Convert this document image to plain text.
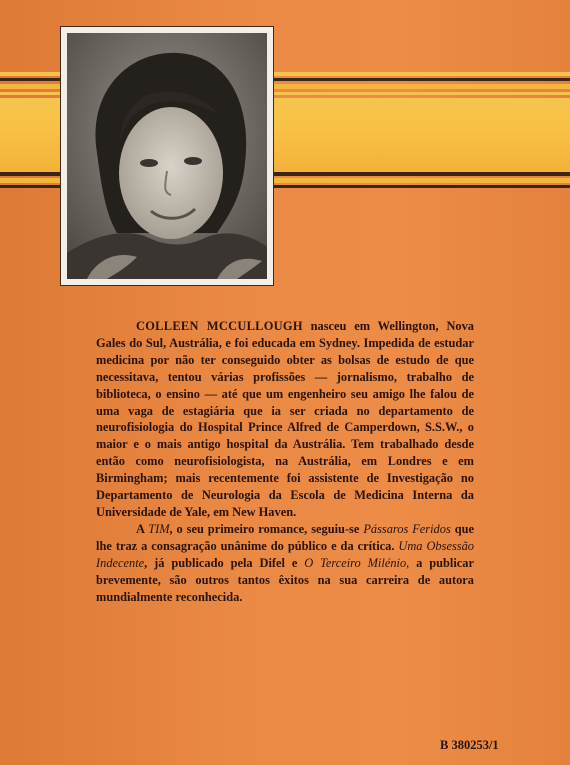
COLLEEN MCCULLOUGH nasceu em Wellington, Nova Gales do Sul, Austrália, e foi educada em Sydney. Impedida de estudar medicina por não ter conseguido obter as bolsas de estudo de que necessitava, tentou várias profissões — jornalismo, trabalho de biblioteca, o ensino — até que um engenheiro seu amigo lhe falou de uma vaga de estagiária que ia ser criada no departamento de neurofisiologia do Hospital Prince Alfred de Camperdown, S.S.W., o maior e o mais antigo hospital da Austrália. Tem trabalhado desde então como neurofisiologista, na Austrália, em Londres e em Birmingham; mais recentemente foi assistente de Investigação no Departamento de Neurologia da Escola de Medicina Interna da Universidade de Yale, em New Haven.

A TIM, o seu primeiro romance, seguiu-se Pássaros Feridos que lhe traz a consagração unânime do público e da crítica. Uma Obsessão Indecente, já publicado pela Difel e O Terceiro Milénio, a publicar brevemente, são outros tantos êxitos na sua carreira de autora mundialmente reconhecida.

B 380253/1
